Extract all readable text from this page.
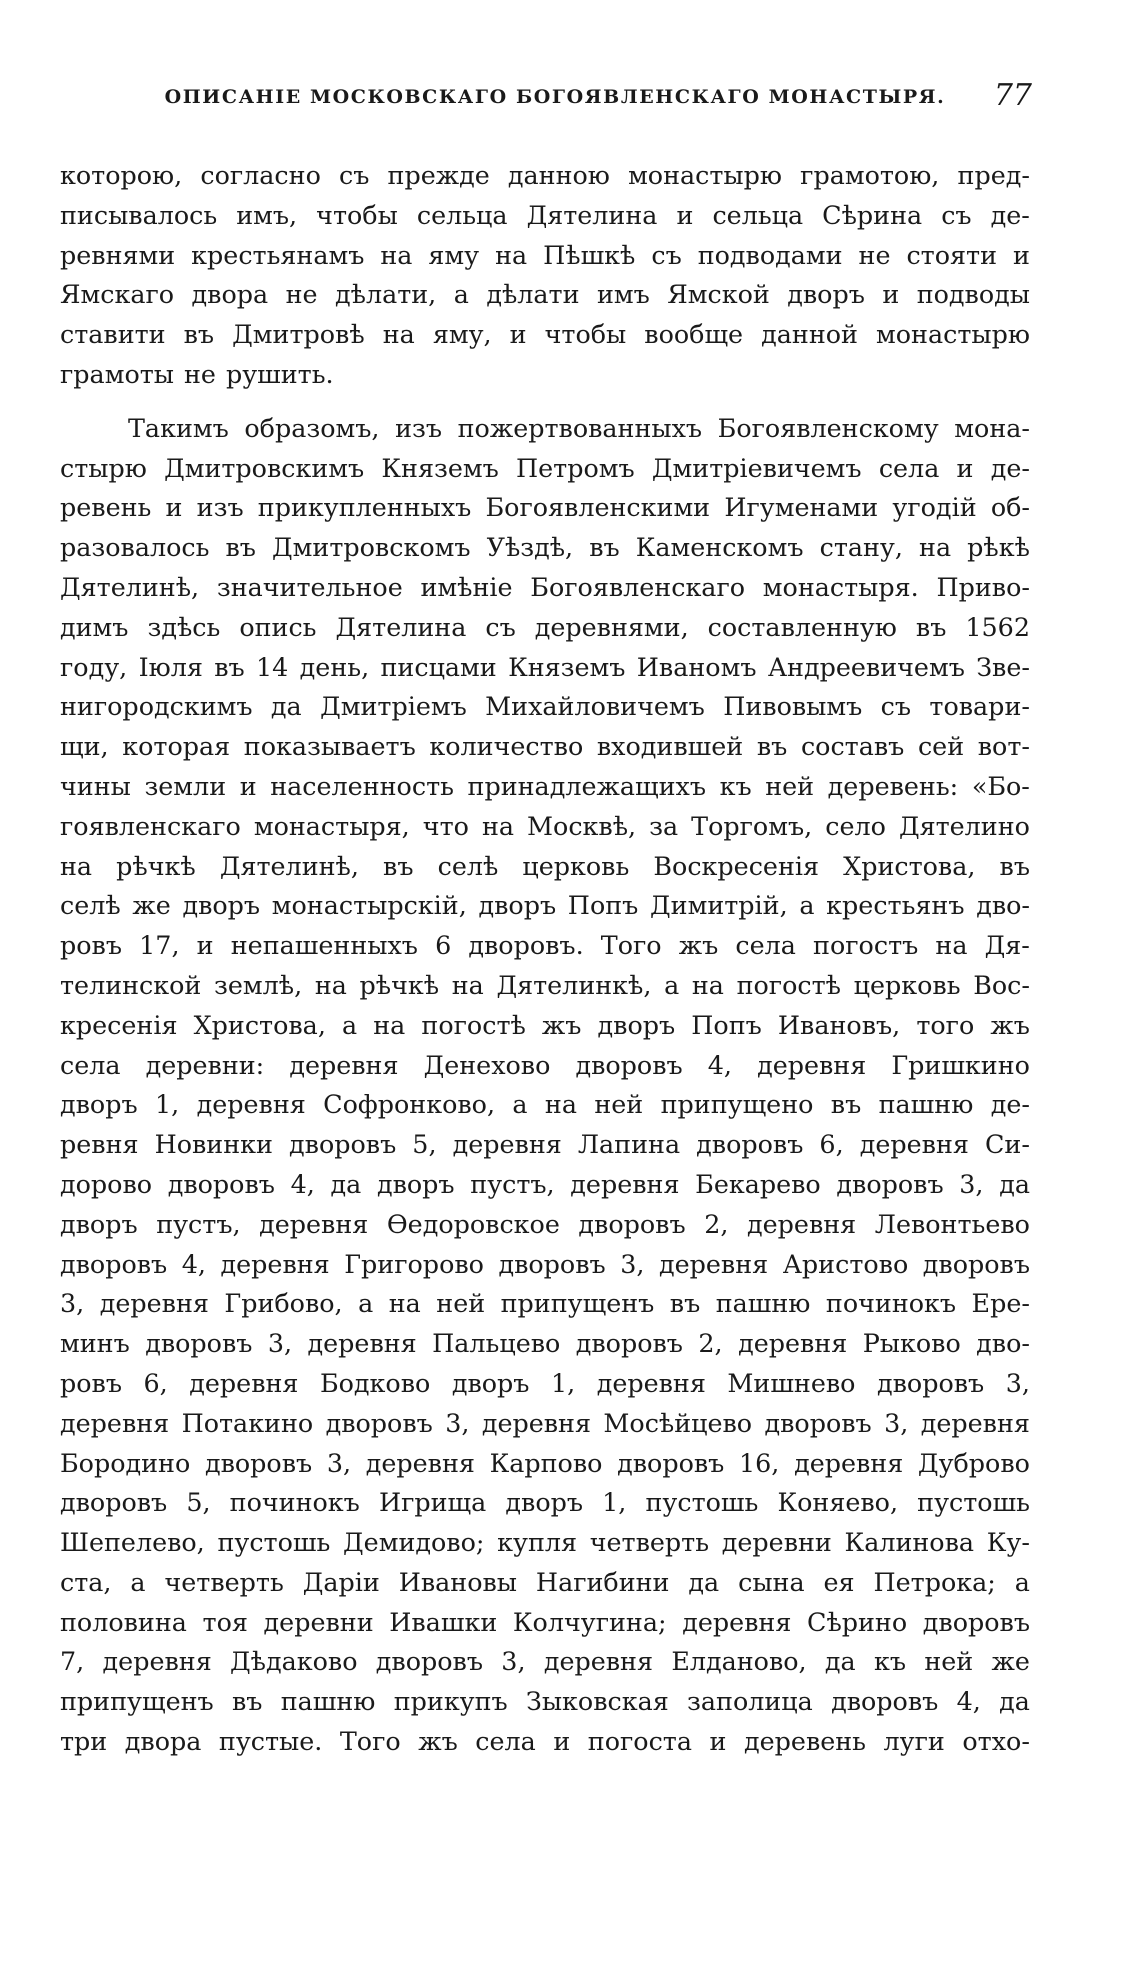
ОПИСАНІЕ МОСКОВСКАГО БОГОЯВЛЕНСКАГО МОНАСТЫРЯ.	77
которою, согласно съ прежде данною монастырю грамотою, пред-
писывалось имъ, чтобы сельца Дятелина и сельца Сѣрина съ де-
ревнями крестьянамъ на яму на Пѣшкѣ съ подводами не стояти и
Ямскаго двора не дѣлати, а дѣлати имъ Ямской дворъ и подводы
ставити въ Дмитровѣ на яму, и чтобы вообще данной монастырю
грамоты не рушить.
Такимъ образомъ, изъ пожертвованныхъ Богоявленскому мона-
стырю Дмитровскимъ Княземъ Петромъ Дмитріевичемъ села и де-
ревень и изъ прикупленныхъ Богоявленскими Игуменами угодій об-
разовалось въ Дмитровскомъ Уѣздѣ, въ Каменскомъ стану, на рѣкѣ
Дятелинѣ, значительное имѣніе Богоявленскаго монастыря. Приво-
димъ здѣсь опись Дятелина съ деревнями, составленную въ 1562
году, Іюля въ 14 день, писцами Княземъ Иваномъ Андреевичемъ Зве-
нигородскимъ да Дмитріемъ Михайловичемъ Пивовымъ съ товари-
щи, которая показываетъ количество входившей въ составъ сей вот-
чины земли и населенность принадлежащихъ къ ней деревень: «Бо-
гоявленскаго монастыря, что на Москвѣ, за Торгомъ, село Дятелино
на рѣчкѣ Дятелинѣ, въ селѣ церковь Воскресенія Христова, въ
селѣ же дворъ монастырскій, дворъ Попъ Димитрій, а крестьянъ дво-
ровъ 17, и непашенныхъ 6 дворовъ. Того жъ села погостъ на Дя-
телинской землѣ, на рѣчкѣ на Дятелинкѣ, а на погостѣ церковь Вос-
кресенія Христова, а на погостѣ жъ дворъ Попъ Ивановъ, того жъ
села деревни: деревня Денехово дворовъ 4, деревня Гришкино
дворъ 1, деревня Софронково, а на ней припущено въ пашню де-
ревня Новинки дворовъ 5, деревня Лапина дворовъ 6, деревня Си-
дорово дворовъ 4, да дворъ пустъ, деревня Бекарево дворовъ 3, да
дворъ пустъ, деревня Ѳедоровское дворовъ 2, деревня Левонтьево
дворовъ 4, деревня Григорово дворовъ 3, деревня Аристово дворовъ
3, деревня Грибово, а на ней припущенъ въ пашню починокъ Ере-
минъ дворовъ 3, деревня Пальцево дворовъ 2, деревня Рыково дво-
ровъ 6, деревня Бодково дворъ 1, деревня Мишнево дворовъ 3,
деревня Потакино дворовъ 3, деревня Мосѣйцево дворовъ 3, деревня
Бородино дворовъ 3, деревня Карпово дворовъ 16, деревня Дуброво
дворовъ 5, починокъ Игрища дворъ 1, пустошь Коняево, пустошь
Шепелево, пустошь Демидово; купля четверть деревни Калинова Ку-
ста, а четверть Даріи Ивановы Нагибини да сына ея Петрока; а
половина тоя деревни Ивашки Колчугина; деревня Сѣрино дворовъ
7, деревня Дѣдаково дворовъ 3, деревня Елданово, да къ ней же
припущенъ въ пашню прикупъ Зыковская заполица дворовъ 4, да
три двора пустые. Того жъ села и погоста и деревень луги отхо-
